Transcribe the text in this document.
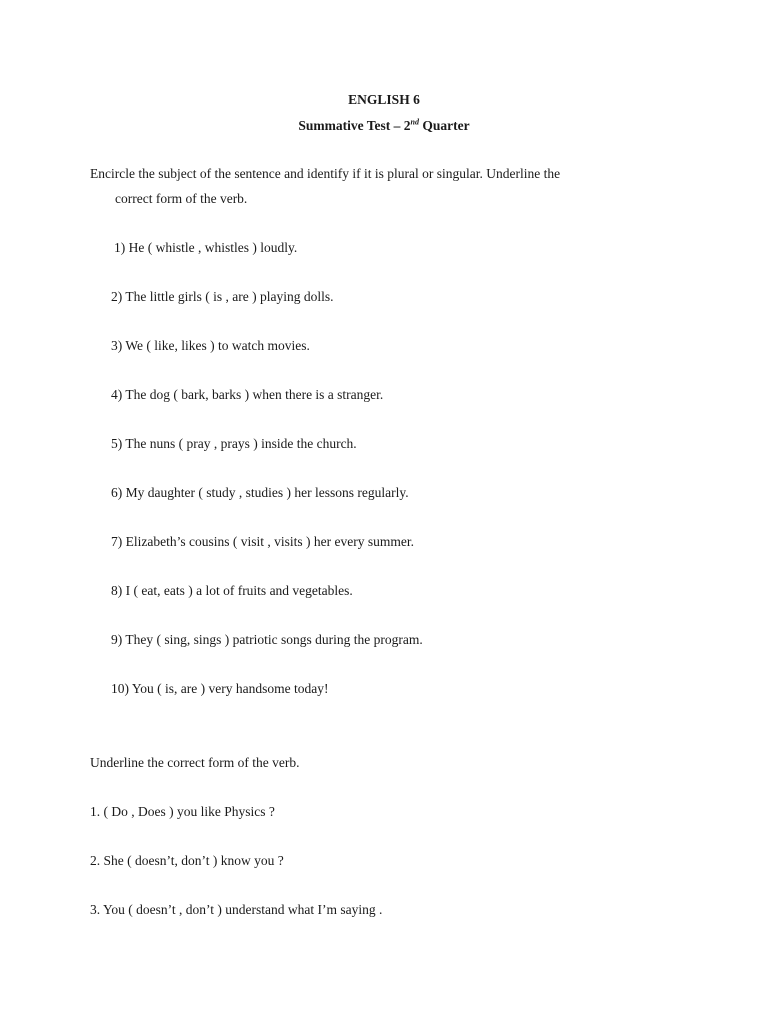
ENGLISH 6
Summative Test – 2nd Quarter
Encircle the subject of the sentence and identify if it is plural or singular. Underline the
correct form of the verb.
1) He ( whistle , whistles ) loudly.
2) The little girls ( is , are ) playing dolls.
3) We ( like, likes ) to watch movies.
4) The dog ( bark, barks ) when there is a stranger.
5) The nuns ( pray , prays ) inside the church.
6) My daughter ( study , studies ) her lessons regularly.
7) Elizabeth’s cousins ( visit , visits ) her every summer.
8) I ( eat, eats ) a lot of fruits and vegetables.
9) They ( sing, sings ) patriotic songs during the program.
10) You ( is, are ) very handsome today!
Underline the correct form of the verb.
1. ( Do , Does ) you like Physics ?
2. She ( doesn’t, don’t ) know you ?
3. You ( doesn’t , don’t ) understand what I’m saying .
